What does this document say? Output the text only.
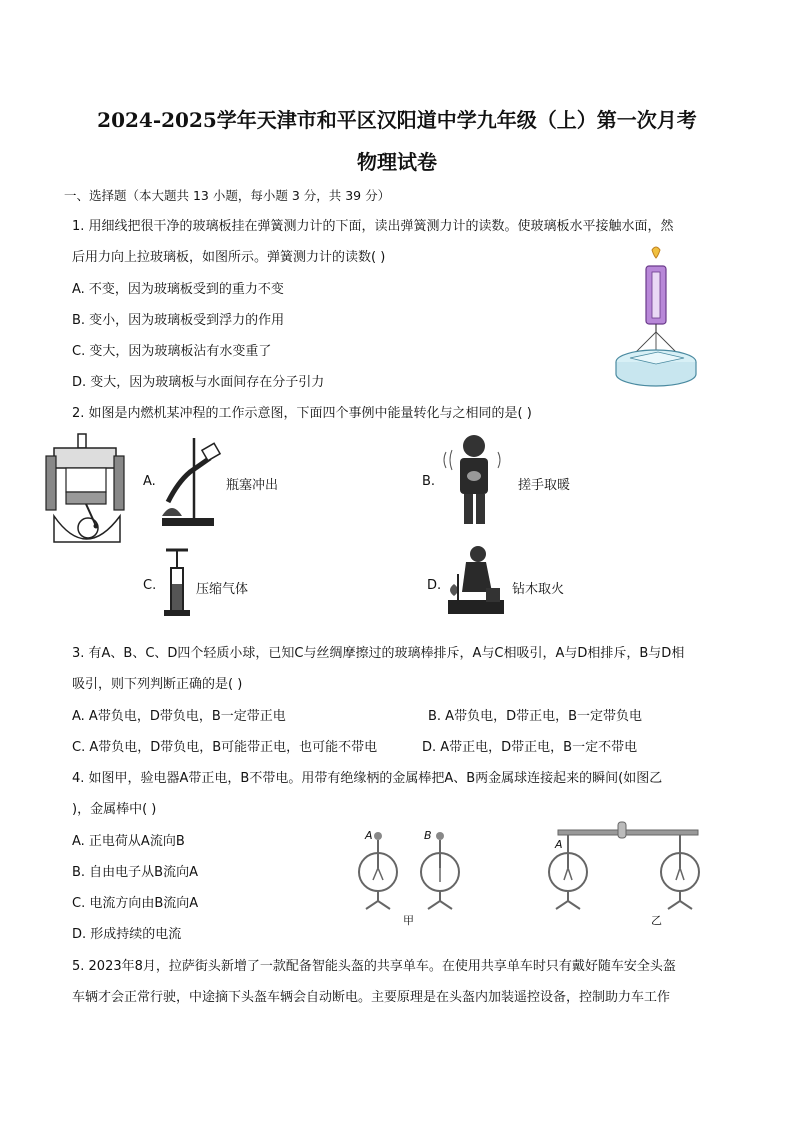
2024-2025学年天津市和平区汉阳道中学九年级（上）第一次月考
物理试卷
一、选择题（本大题共 13 小题，每小题 3 分，共 39 分）
1. 用细线把很干净的玻璃板挂在弹簧测力计的下面，读出弹簧测力计的读数。使玻璃板水平接触水面，然
后用力向上拉玻璃板，如图所示。弹簧测力计的读数( )
A. 不变，因为玻璃板受到的重力不变
B. 变小，因为玻璃板受到浮力的作用
C. 变大，因为玻璃板沾有水变重了
D. 变大，因为玻璃板与水面间存在分子引力
2. 如图是内燃机某冲程的工作示意图，下面四个事例中能量转化与之相同的是( )
A.	瓶塞冲出	B.	搓手取暖
C.	压缩气体	D.	钻木取火
3. 有A、B、C、D四个轻质小球，已知C与丝绸摩擦过的玻璃棒排斥，A与C相吸引，A与D相排斥，B与D相
吸引，则下列判断正确的是( )
A. A带负电，D带负电，B一定带正电	B. A带负电，D带正电，B一定带负电
C. A带负电，D带负电，B可能带正电，也可能不带电	D. A带正电，D带正电，B一定不带电
4. 如图甲，验电器A带正电，B不带电。用带有绝缘柄的金属棒把A、B两金属球连接起来的瞬间(如图乙
)，金属棒中( )
A. 正电荷从A流向B
B. 自由电子从B流向A
C. 电流方向由B流向A
D. 形成持续的电流
A	B
甲
A
乙
5. 2023年8月，拉萨街头新增了一款配备智能头盔的共享单车。在使用共享单车时只有戴好随车安全头盔
车辆才会正常行驶，中途摘下头盔车辆会自动断电。主要原理是在头盔内加装遥控设备，控制助力车工作
